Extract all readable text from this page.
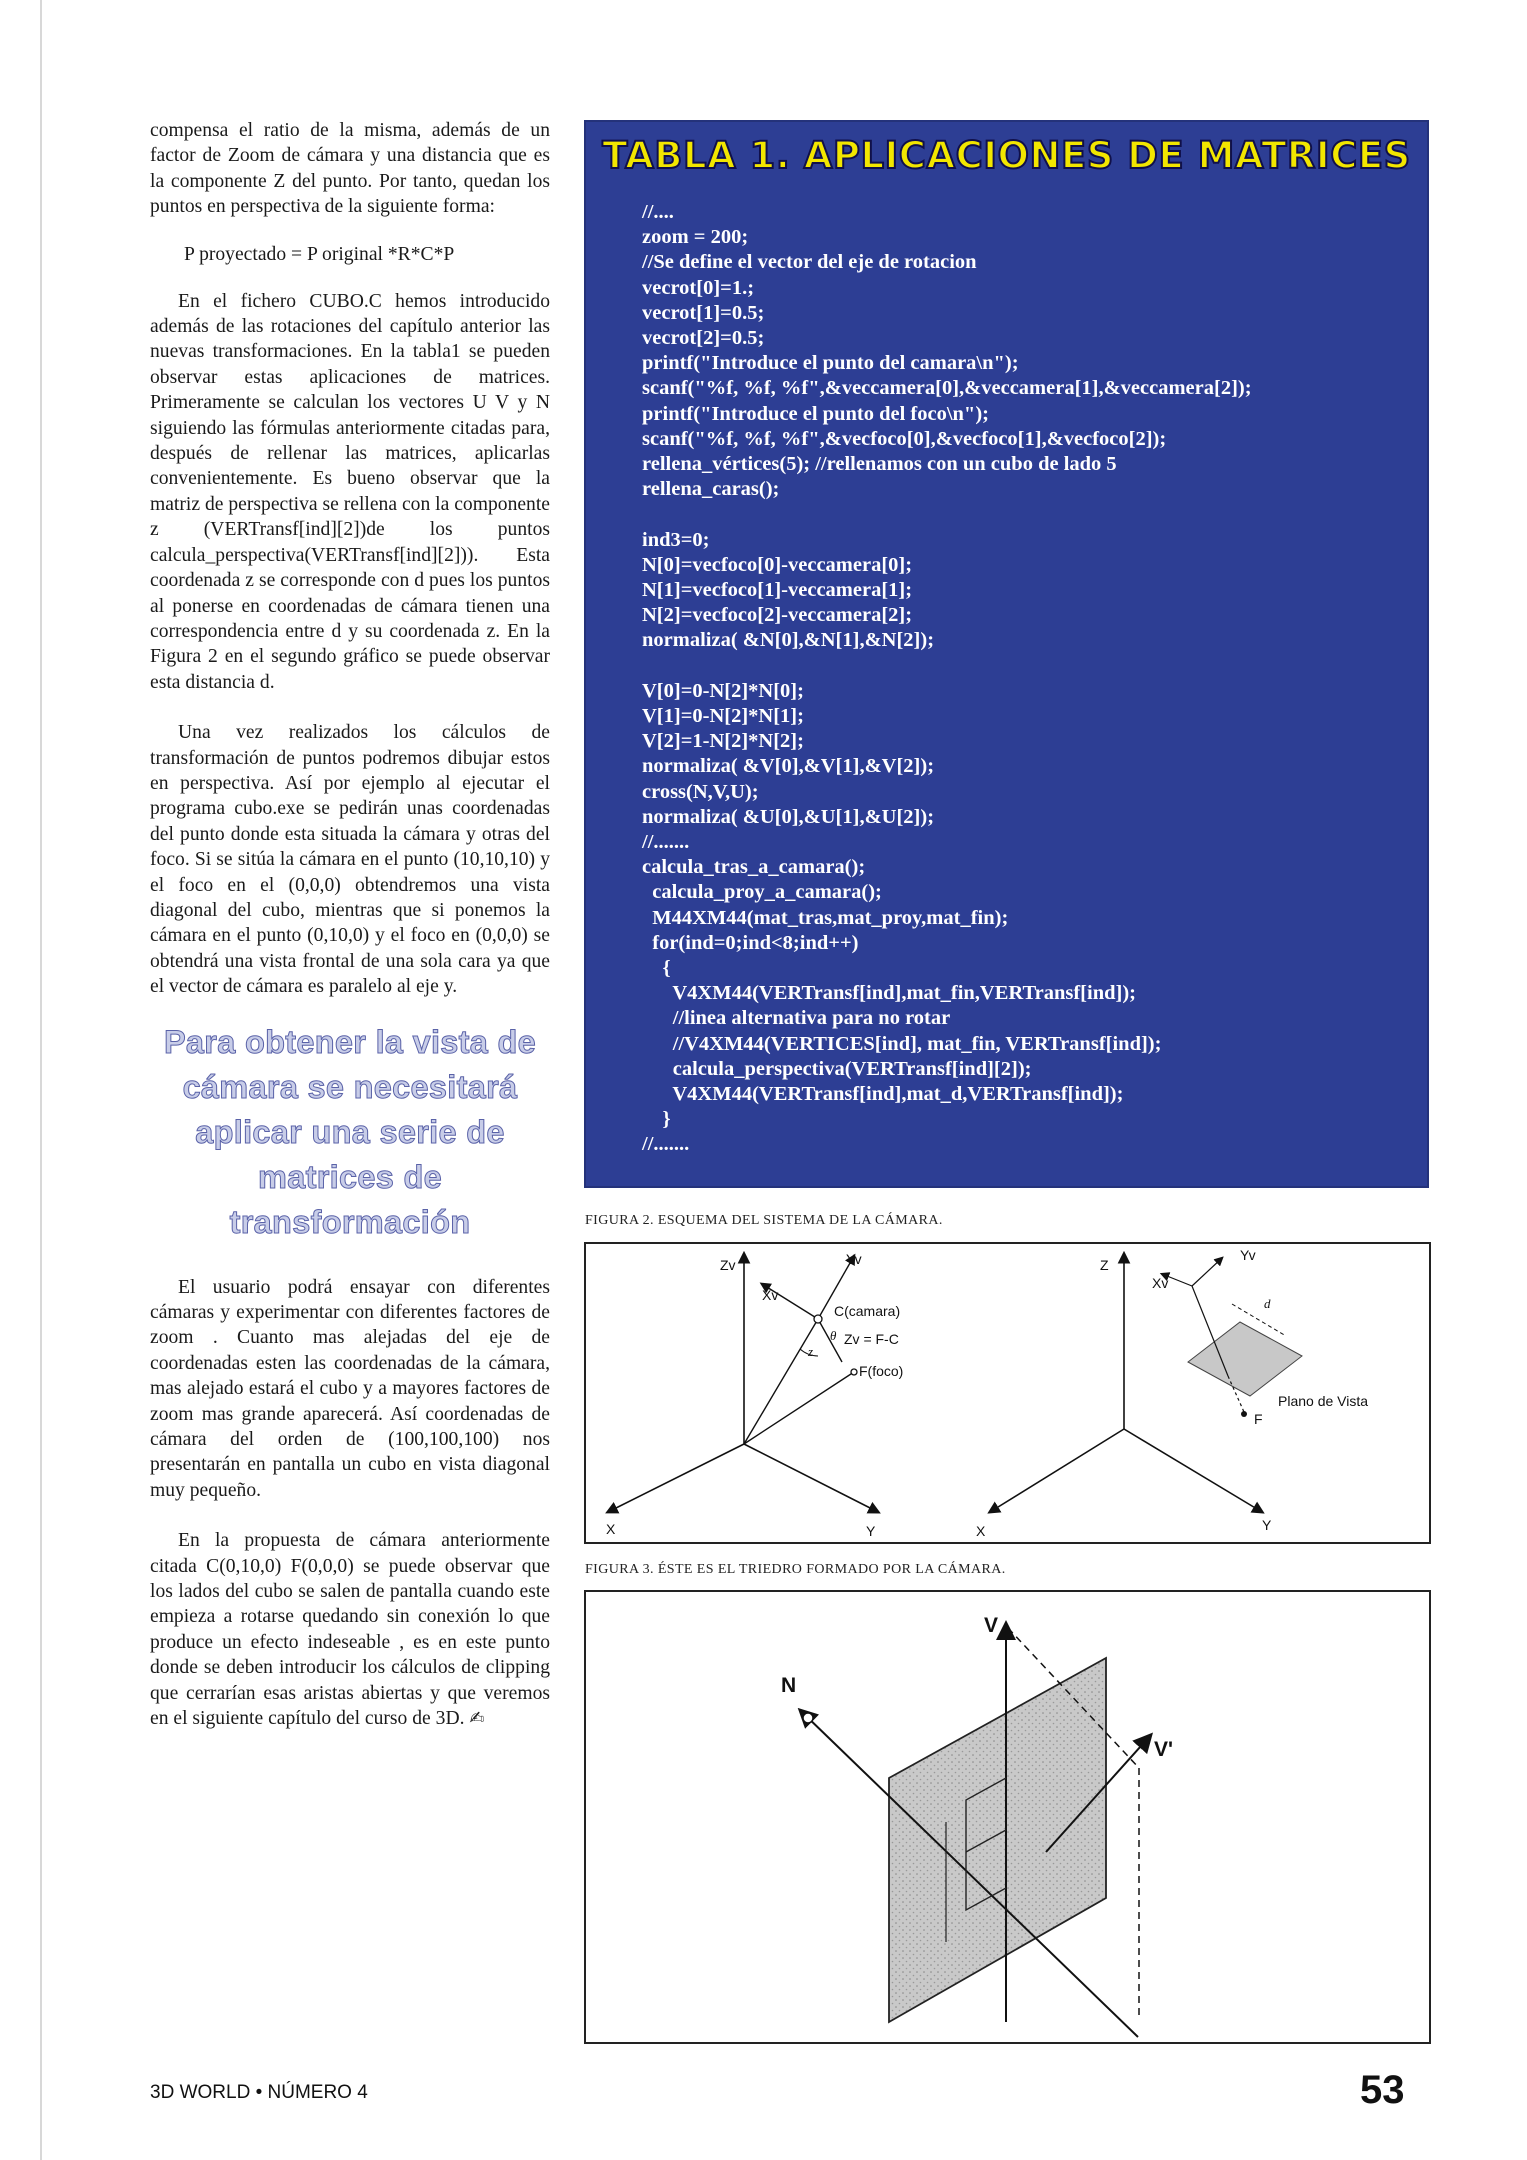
compensa el ratio de la misma, además de un factor de Zoom de cámara y una distancia que es la componente Z del punto. Por tanto, quedan los puntos en perspectiva de la siguiente forma:

P proyectado = P original *R*C*P

En el fichero CUBO.C hemos introducido además de las rotaciones del capítulo anterior las nuevas transformaciones. En la tabla1 se pueden observar estas aplicaciones de matrices. Primeramente se calculan los vectores U V y N siguiendo las fórmulas anteriormente citadas para, después de rellenar las matrices, aplicarlas convenientemente. Es bueno observar que la matriz de perspectiva se rellena con la componente z (VERTransf[ind][2])de los puntos calcula_perspectiva(VERTransf[ind][2])). Esta coordenada z se corresponde con d pues los puntos al ponerse en coordenadas de cámara tienen una correspondencia entre d y su coordenada z. En la Figura 2 en el segundo gráfico se puede observar esta distancia d.

Una vez realizados los cálculos de transformación de puntos podremos dibujar estos en perspectiva. Así por ejemplo al ejecutar el programa cubo.exe se pedirán unas coordenadas del punto donde esta situada la cámara y otras del foco. Si se sitúa la cámara en el punto (10,10,10) y el foco en el (0,0,0) obtendremos una vista diagonal del cubo, mientras que si ponemos la cámara en el punto (0,10,0) y el foco en (0,0,0) se obtendrá una vista frontal de una sola cara ya que el vector de cámara es paralelo al eje y.

Para obtener la vista de cámara se necesitará aplicar una serie de matrices de transformación

El usuario podrá ensayar con diferentes cámaras y experimentar con diferentes factores de zoom . Cuanto mas alejadas del eje de coordenadas esten las coordenadas de la cámara, mas alejado estará el cubo y a mayores factores de zoom mas grande aparecerá. Así coordenadas de cámara del orden de (100,100,100) nos presentarán en pantalla un cubo en vista diagonal muy pequeño.

En la propuesta de cámara anteriormente citada C(0,10,0) F(0,0,0) se puede observar que los lados del cubo se salen de pantalla cuando este empieza a rotarse quedando sin conexión lo que produce un efecto indeseable , es en este punto donde se deben introducir los cálculos de clipping que cerrarían esas aristas abiertas y que veremos en el siguiente capítulo del curso de 3D. ✍

TABLA 1. APLICACIONES DE MATRICES
//....
zoom = 200;
//Se define el vector del eje de rotacion
vecrot[0]=1.;
vecrot[1]=0.5;
vecrot[2]=0.5;
printf("Introduce el punto del camara\n");
scanf("%f, %f, %f",&veccamera[0],&veccamera[1],&veccamera[2]);
printf("Introduce el punto del foco\n");
scanf("%f, %f, %f",&vecfoco[0],&vecfoco[1],&vecfoco[2]);
rellena_vértices(5); //rellenamos con un cubo de lado 5
rellena_caras();
ind3=0;
N[0]=vecfoco[0]-veccamera[0];
N[1]=vecfoco[1]-veccamera[1];
N[2]=vecfoco[2]-veccamera[2];
normaliza( &N[0],&N[1],&N[2]);
V[0]=0-N[2]*N[0];
V[1]=0-N[2]*N[1];
V[2]=1-N[2]*N[2];
normaliza( &V[0],&V[1],&V[2]);
cross(N,V,U);
normaliza( &U[0],&U[1],&U[2]);
//.......
calcula_tras_a_camara();
calcula_proy_a_camara();
M44XM44(mat_tras,mat_proy,mat_fin);
for(ind=0;ind<8;ind++)
{
V4XM44(VERTransf[ind],mat_fin,VERTransf[ind]);
//linea alternativa para no rotar
//V4XM44(VERTICES[ind], mat_fin, VERTransf[ind]);
calcula_perspectiva(VERTransf[ind][2]);
V4XM44(VERTransf[ind],mat_d,VERTransf[ind]);
}
//.......
FIGURA 2. ESQUEMA DEL SISTEMA DE LA CÁMARA.
Zv
X	Y
Yv
Xv
C(camara)
θ Zv = F-C
z
F(foco)
Z
X	Y
Yv
Xv
d
Plano de Vista
F
FIGURA 3. ÉSTE ES EL TRIEDRO FORMADO POR LA CÁMARA.
V
N
V'
3D WORLD • NÚMERO 4	53
